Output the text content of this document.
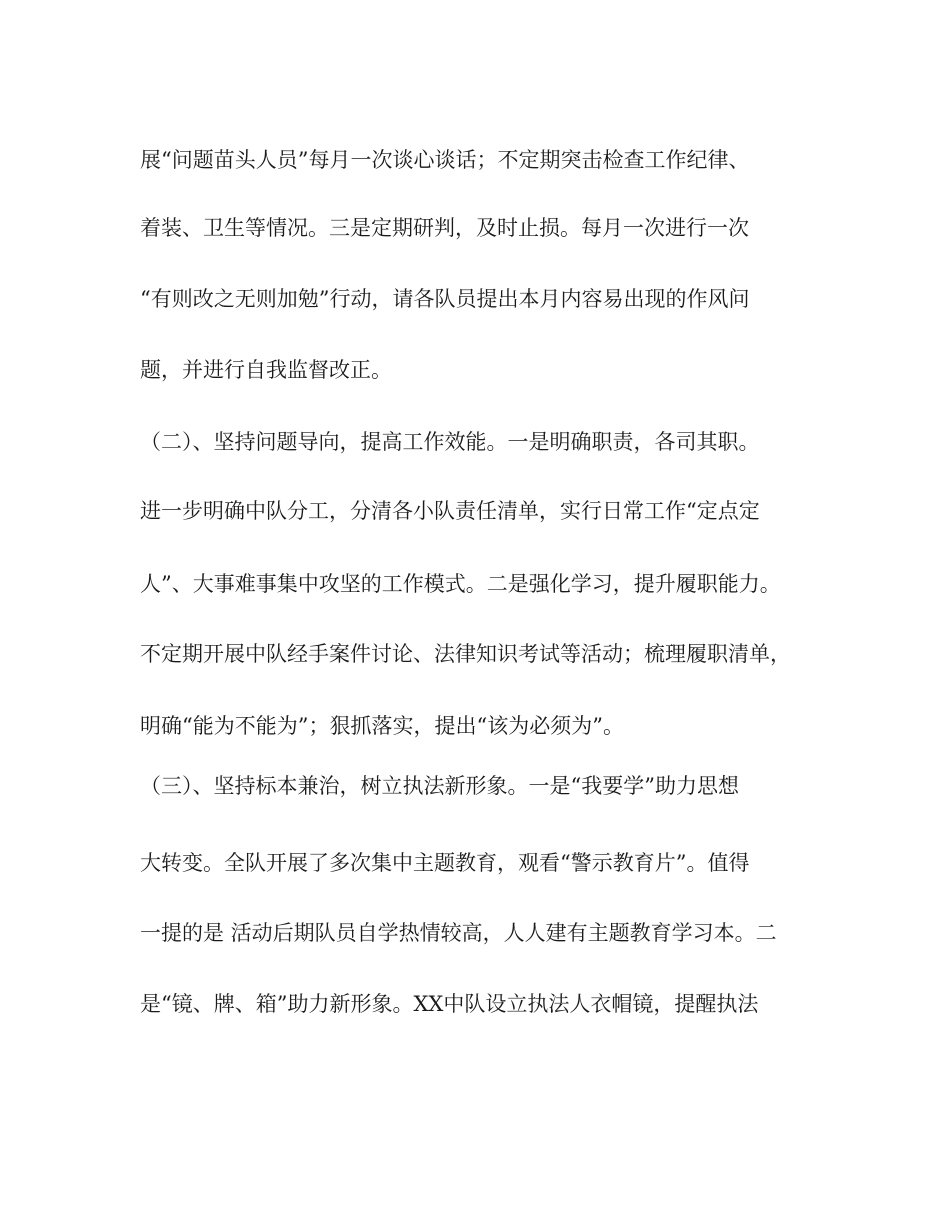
展“问题苗头人员”每月一次谈心谈话；不定期突击检查工作纪律、
着装、卫生等情况。三是定期研判，及时止损。每月一次进行一次
“有则改之无则加勉”行动，请各队员提出本月内容易出现的作风问
题，并进行自我监督改正。
（二）、坚持问题导向，提高工作效能。一是明确职责，各司其职。
进一步明确中队分工，分清各小队责任清单，实行日常工作“定点定
人”、大事难事集中攻坚的工作模式。二是强化学习，提升履职能力。
不定期开展中队经手案件讨论、法律知识考试等活动；梳理履职清单，
明确“能为不能为”；狠抓落实，提出“该为必须为”。
（三）、坚持标本兼治，树立执法新形象。一是“我要学”助力思想
大转变。全队开展了多次集中主题教育，观看“警示教育片”。值得
一提的是 活动后期队员自学热情较高，人人建有主题教育学习本。二
是“镜、牌、箱”助力新形象。XX中队设立执法人衣帽镜，提醒执法
